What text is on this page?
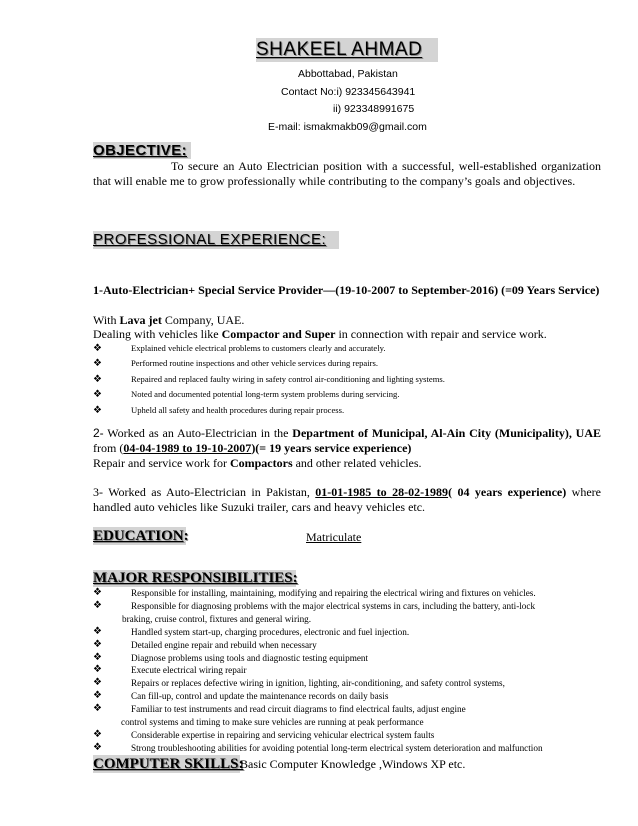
SHAKEEL AHMAD
Abbottabad, Pakistan
Contact No:i) 923345643941
ii) 923348991675
E-mail: ismakmakb09@gmail.com
OBJECTIVE:
To secure an Auto Electrician position with a successful, well-established organization that will enable me to grow professionally while contributing to the company’s goals and objectives.
PROFESSIONAL EXPERIENCE:
1-Auto-Electrician+ Special Service Provider—(19-10-2007 to September-2016) (=09 Years Service)
With Lava jet Company, UAE.
Dealing with vehicles like Compactor and Super in connection with repair and service work.
❖	Explained vehicle electrical problems to customers clearly and accurately.
❖	Performed routine inspections and other vehicle services during repairs.
❖	Repaired and replaced faulty wiring in safety control air-conditioning and lighting systems.
❖	Noted and documented potential long-term system problems during servicing.
❖	Upheld all safety and health procedures during repair process.
2- Worked as an Auto-Electrician in the Department of Municipal, Al-Ain City (Municipality), UAE from (04-04-1989 to 19-10-2007)(= 19 years service experience)
Repair and service work for Compactors and other related vehicles.
3- Worked as Auto-Electrician in Pakistan, 01-01-1985 to 28-02-1989( 04 years experience) where handled auto vehicles like Suzuki trailer, cars and heavy vehicles etc.
EDUCATION:	Matriculate
MAJOR RESPONSIBILITIES:
❖	Responsible for installing, maintaining, modifying and repairing the electrical wiring and fixtures on vehicles.
❖	Responsible for diagnosing problems with the major electrical systems in cars, including the battery, anti-lock
braking, cruise control, fixtures and general wiring.
❖	Handled system start-up, charging procedures, electronic and fuel injection.
❖	Detailed engine repair and rebuild when necessary
❖	Diagnose problems using tools and diagnostic testing equipment
❖	Execute electrical wiring repair
❖	Repairs or replaces defective wiring in ignition, lighting, air-conditioning, and safety control systems,
❖	Can fill-up, control and update the maintenance records on daily basis
❖	Familiar to test instruments and read circuit diagrams to find electrical faults, adjust engine
control systems and timing to make sure vehicles are running at peak performance
❖	Considerable expertise in repairing and servicing vehicular electrical system faults
❖	Strong troubleshooting abilities for avoiding potential long-term electrical system deterioration and malfunction
COMPUTER SKILLS:
Basic Computer Knowledge ,Windows XP etc.
